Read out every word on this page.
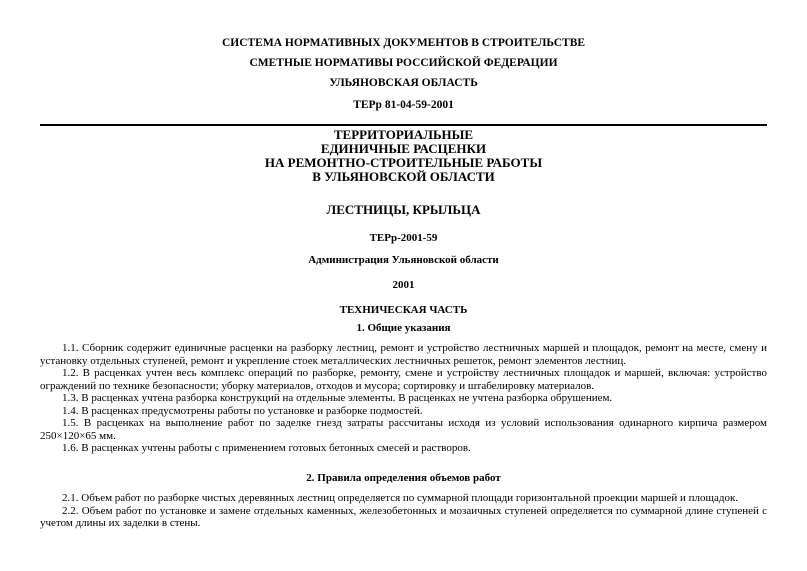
СИСТЕМА НОРМАТИВНЫХ ДОКУМЕНТОВ В СТРОИТЕЛЬСТВЕ
СМЕТНЫЕ НОРМАТИВЫ РОССИЙСКОЙ ФЕДЕРАЦИИ
УЛЬЯНОВСКАЯ ОБЛАСТЬ
ТЕРр 81-04-59-2001
ТЕРРИТОРИАЛЬНЫЕ
ЕДИНИЧНЫЕ РАСЦЕНКИ
НА РЕМОНТНО-СТРОИТЕЛЬНЫЕ РАБОТЫ
В УЛЬЯНОВСКОЙ ОБЛАСТИ
ЛЕСТНИЦЫ, КРЫЛЬЦА
ТЕРр-2001-59
Администрация Ульяновской области
2001
ТЕХНИЧЕСКАЯ ЧАСТЬ
1. Общие указания

1.1. Сборник содержит единичные расценки на разборку лестниц, ремонт и устройство лестничных маршей и площадок, ремонт на месте, смену и установку отдельных ступеней, ремонт и укрепление стоек металлических лестничных решеток, ремонт элементов лестниц.

1.2. В расценках учтен весь комплекс операций по разборке, ремонту, смене и устройству лестничных площадок и маршей, включая: устройство ограждений по технике безопасности; уборку материалов, отходов и мусора; сортировку и штабелировку материалов.

1.3. В расценках учтена разборка конструкций на отдельные элементы. В расценках не учтена разборка обрушением.

1.4. В расценках предусмотрены работы по установке и разборке подмостей.

1.5. В расценках на выполнение работ по заделке гнезд затраты рассчитаны исходя из условий использования одинарного кирпича размером 250×120×65 мм.

1.6. В расценках учтены работы с применением готовых бетонных смесей и растворов.

2. Правила определения объемов работ

2.1. Объем работ по разборке чистых деревянных лестниц определяется по суммарной площади горизонтальной проекции маршей и площадок.

2.2. Объем работ по установке и замене отдельных каменных, железобетонных и мозаичных ступеней определяется по суммарной длине ступеней с учетом длины их заделки в стены.
